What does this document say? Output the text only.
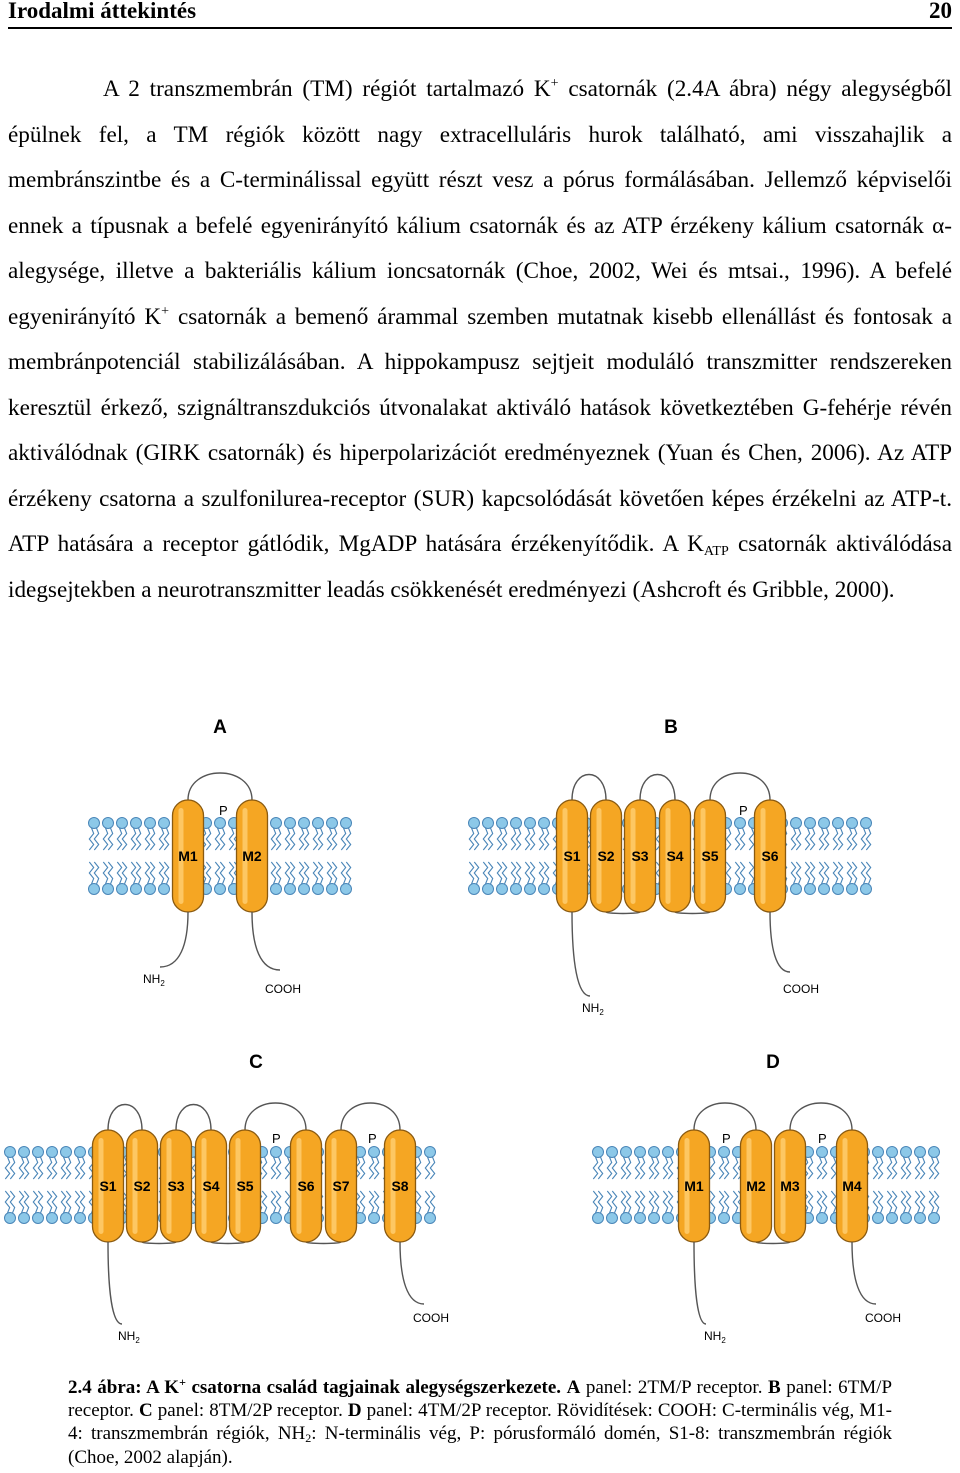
Irodalmi áttekintés	20

A 2 transzmembrán (TM) régiót tartalmazó K+ csatornák (2.4A ábra) négy alegységből épülnek fel, a TM régiók között nagy extracelluláris hurok található, ami visszahajlik a membránszintbe és a C-terminálissal együtt részt vesz a pórus formálásában. Jellemző képviselői ennek a típusnak a befelé egyenirányító kálium csatornák és az ATP érzékeny kálium csatornák α-alegysége, illetve a bakteriális kálium ioncsatornák (Choe, 2002, Wei és mtsai., 1996). A befelé egyenirányító K+ csatornák a bemenő árammal szemben mutatnak kisebb ellenállást és fontosak a membránpotenciál stabilizálásában. A hippokampusz sejtjeit moduláló transzmitter rendszereken keresztül érkező, szignáltranszdukciós útvonalakat aktiváló hatások következtében G-fehérje révén aktiválódnak (GIRK csatornák) és hiperpolarizációt eredményeznek (Yuan és Chen, 2006). Az ATP érzékeny csatorna a szulfonilurea-receptor (SUR) kapcsolódását követően képes érzékelni az ATP-t. ATP hatására a receptor gátlódik, MgADP hatására érzékenyítődik. A $K_{ATP}$ csatornák aktiválódása idegsejtekben a neurotranszmitter leadás csökkenését eredményezi (Ashcroft és Gribble, 2000).

A
P
M1	M2
$NH_2$	COOH
B
P
S1 S2 S3 S4 S5	S6
$NH_2$
COOH
C
P	P
S1 S2 S3 S4 S5	S6 S7	S8
$NH_2$
COOH
D
P	P
M1	M2 M3	M4
$NH_2$
COOH
2.4 ábra: A K+ csatorna család tagjainak alegységszerkezete. A panel: 2TM/P receptor. B panel: 6TM/P receptor. C panel: 8TM/2P receptor. D panel: 4TM/2P receptor. Rövidítések: COOH: C-terminális vég, M1-4: transzmembrán régiók, $NH_2$: N-terminális vég, P: pórusformáló domén, S1-8: transzmembrán régiók (Choe, 2002 alapján).
